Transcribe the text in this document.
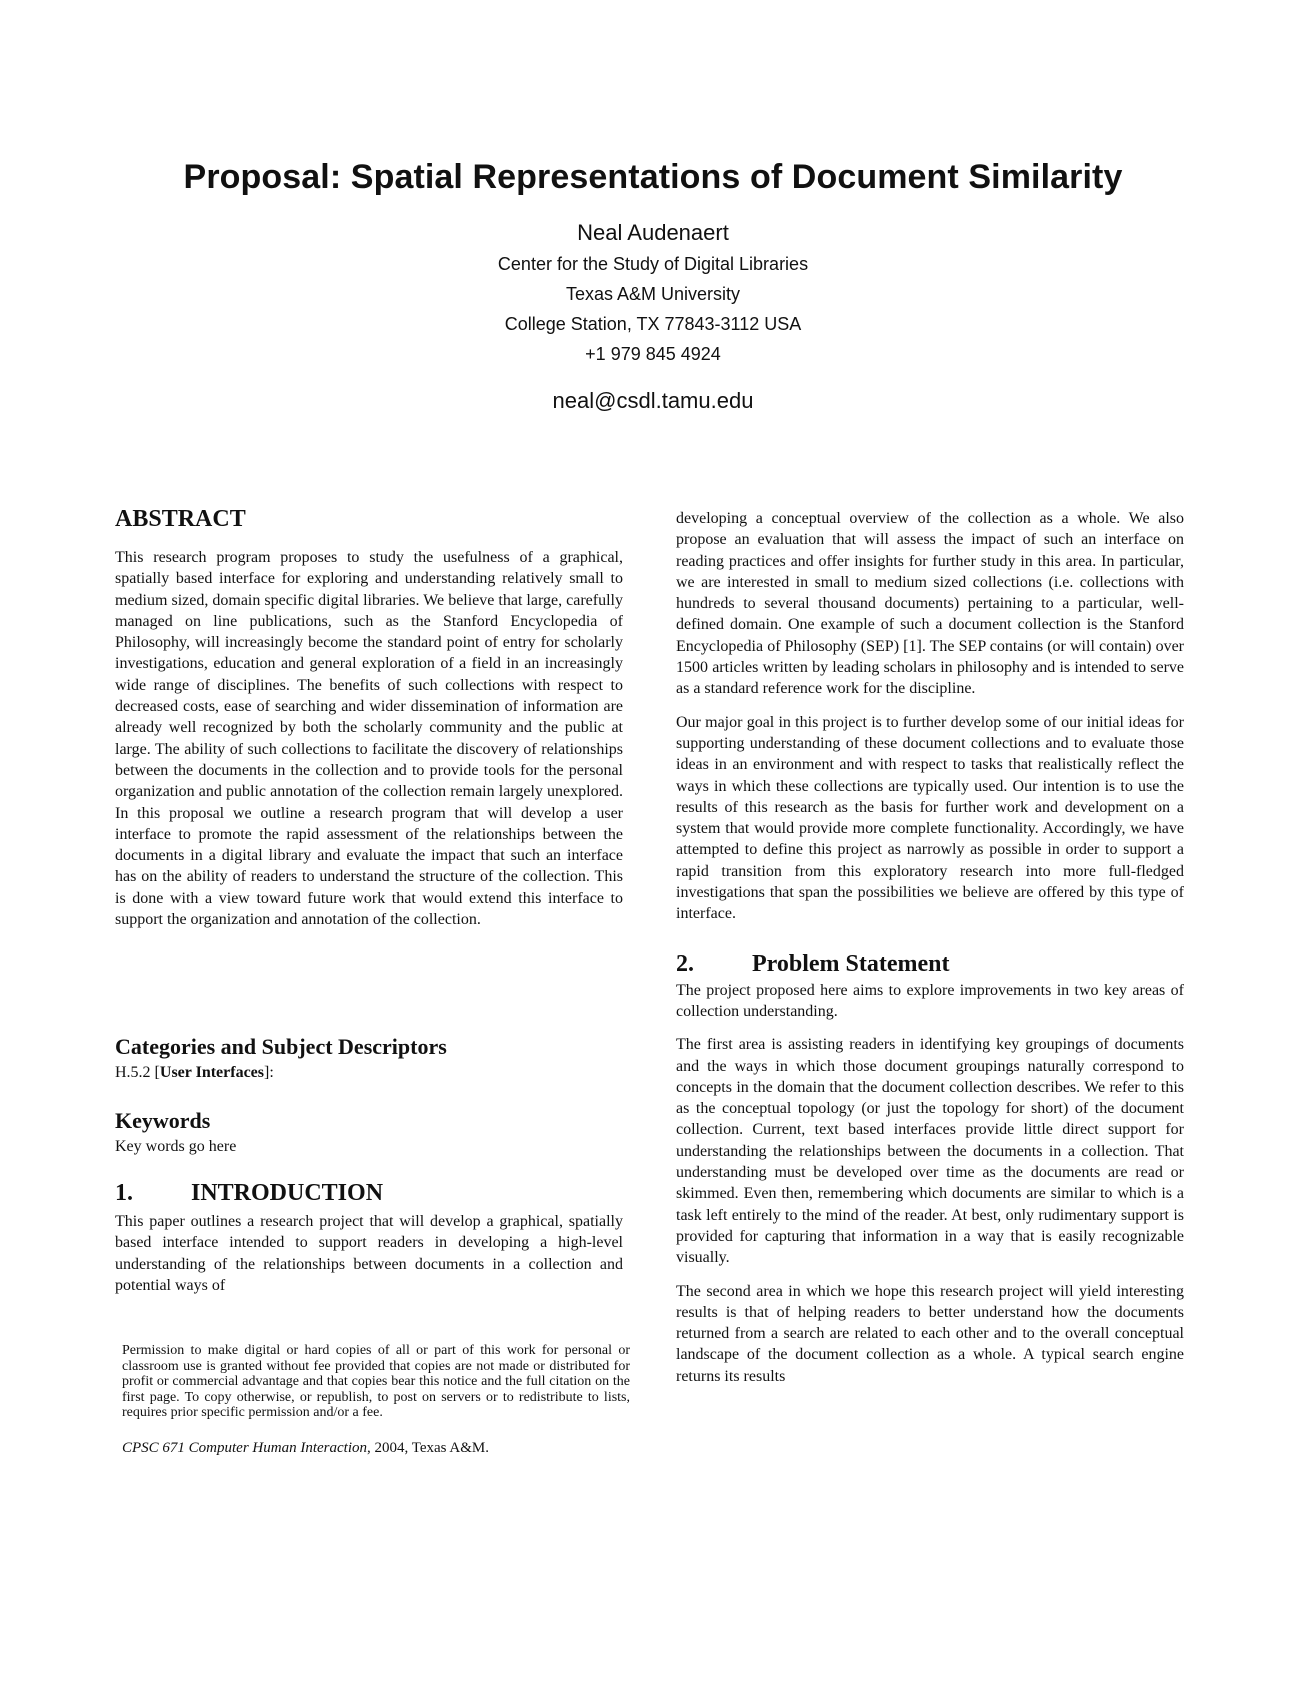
Proposal: Spatial Representations of Document Similarity
Neal Audenaert
Center for the Study of Digital Libraries
Texas A&M University
College Station, TX 77843-3112 USA
+1 979 845 4924
neal@csdl.tamu.edu
ABSTRACT

This research program proposes to study the usefulness of a graphical, spatially based interface for exploring and understanding relatively small to medium sized, domain specific digital libraries. We believe that large, carefully managed on line publications, such as the Stanford Encyclopedia of Philosophy, will increasingly become the standard point of entry for scholarly investigations, education and general exploration of a field in an increasingly wide range of disciplines. The benefits of such collections with respect to decreased costs, ease of searching and wider dissemination of information are already well recognized by both the scholarly community and the public at large. The ability of such collections to facilitate the discovery of relationships between the documents in the collection and to provide tools for the personal organization and public annotation of the collection remain largely unexplored. In this proposal we outline a research program that will develop a user interface to promote the rapid assessment of the relationships between the documents in a digital library and evaluate the impact that such an interface has on the ability of readers to understand the structure of the collection. This is done with a view toward future work that would extend this interface to support the organization and annotation of the collection.

Categories and Subject Descriptors

H.5.2 [User Interfaces]:

Keywords

Key words go here

1. INTRODUCTION

This paper outlines a research project that will develop a graphical, spatially based interface intended to support readers in developing a high-level understanding of the relationships between documents in a collection and potential ways of

Permission to make digital or hard copies of all or part of this work for personal or classroom use is granted without fee provided that copies are not made or distributed for profit or commercial advantage and that copies bear this notice and the full citation on the first page. To copy otherwise, or republish, to post on servers or to redistribute to lists, requires prior specific permission and/or a fee.

CPSC 671 Computer Human Interaction, 2004, Texas A&M.

developing a conceptual overview of the collection as a whole. We also propose an evaluation that will assess the impact of such an interface on reading practices and offer insights for further study in this area. In particular, we are interested in small to medium sized collections (i.e. collections with hundreds to several thousand documents) pertaining to a particular, well-defined domain. One example of such a document collection is the Stanford Encyclopedia of Philosophy (SEP) [1]. The SEP contains (or will contain) over 1500 articles written by leading scholars in philosophy and is intended to serve as a standard reference work for the discipline.

Our major goal in this project is to further develop some of our initial ideas for supporting understanding of these document collections and to evaluate those ideas in an environment and with respect to tasks that realistically reflect the ways in which these collections are typically used. Our intention is to use the results of this research as the basis for further work and development on a system that would provide more complete functionality. Accordingly, we have attempted to define this project as narrowly as possible in order to support a rapid transition from this exploratory research into more full-fledged investigations that span the possibilities we believe are offered by this type of interface.

2. Problem Statement

The project proposed here aims to explore improvements in two key areas of collection understanding.

The first area is assisting readers in identifying key groupings of documents and the ways in which those document groupings naturally correspond to concepts in the domain that the document collection describes. We refer to this as the conceptual topology (or just the topology for short) of the document collection. Current, text based interfaces provide little direct support for understanding the relationships between the documents in a collection. That understanding must be developed over time as the documents are read or skimmed. Even then, remembering which documents are similar to which is a task left entirely to the mind of the reader. At best, only rudimentary support is provided for capturing that information in a way that is easily recognizable visually.

The second area in which we hope this research project will yield interesting results is that of helping readers to better understand how the documents returned from a search are related to each other and to the overall conceptual landscape of the document collection as a whole. A typical search engine returns its results
